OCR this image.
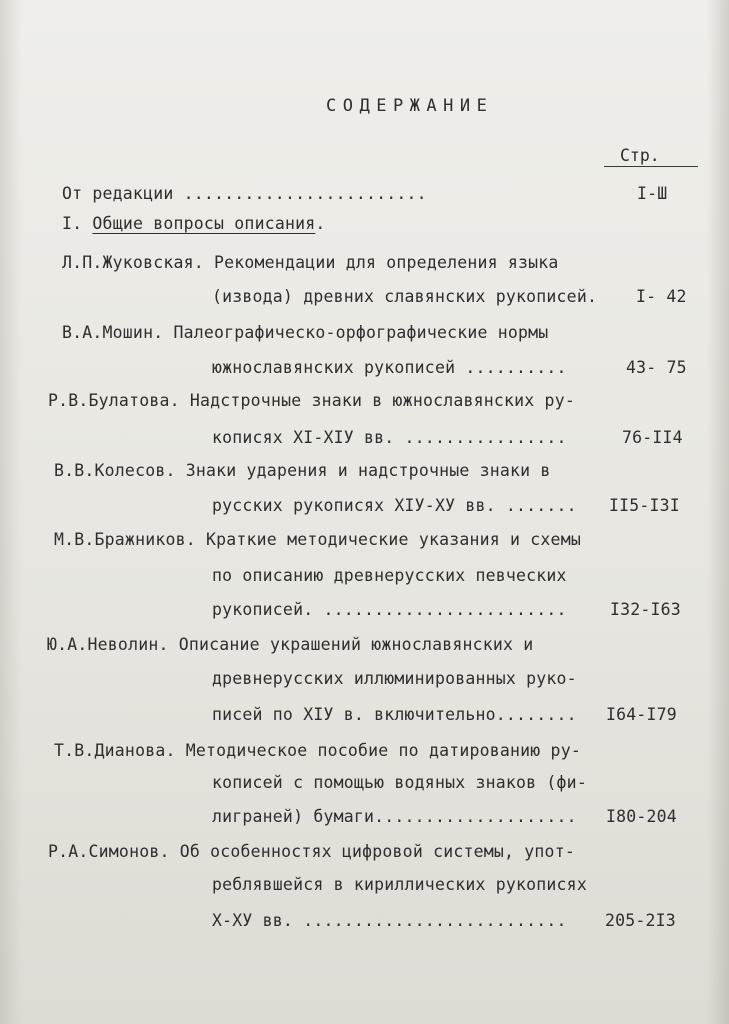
СОДЕРЖАНИЕ
Стр.
От редакции ........................	I-Ш
I. Общие вопросы описания.
Л.П.Жуковская. Рекомендации для определения языка
(извода) древних славянских рукописей. I- 42
В.А.Мошин. Палеографическо-орфографические нормы
южнославянских рукописей ..........	43- 75
Р.В.Булатова. Надстрочные знаки в южнославянских ру-
кописях XI-XIУ вв. ................	76-II4
В.В.Колесов. Знаки ударения и надстрочные знаки в
русских рукописях XIУ-XУ вв. ....... II5-I3I
М.В.Бражников. Краткие методические указания и схемы
по описанию древнерусских певческих
рукописей. ........................	I32-I63
Ю.А.Неволин. Описание украшений южнославянских и
древнерусских иллюминированных руко-
писей по XIУ в. включительно........ I64-I79
Т.В.Дианова. Методическое пособие по датированию ру-
кописей с помощью водяных знаков (фи-
лиграней) бумаги.................... I80-204
Р.А.Симонов. Об особенностях цифровой системы, упот-
реблявшейся в кириллических рукописях
Х-ХУ вв. .......................... 205-2I3
